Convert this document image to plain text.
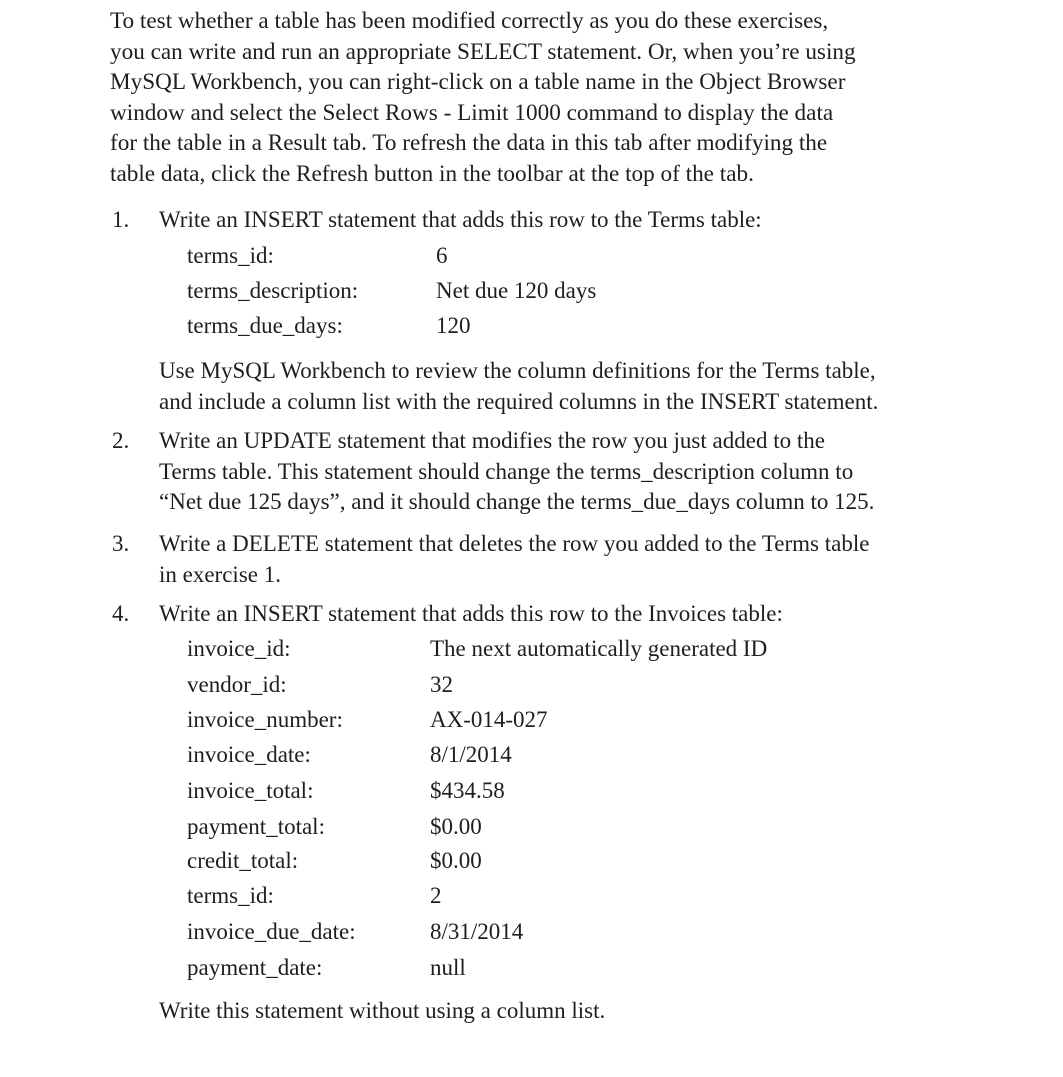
To test whether a table has been modified correctly as you do these exercises,
you can write and run an appropriate SELECT statement. Or, when you’re using
MySQL Workbench, you can right-click on a table name in the Object Browser
window and select the Select Rows - Limit 1000 command to display the data
for the table in a Result tab. To refresh the data in this tab after modifying the
table data, click the Refresh button in the toolbar at the top of the tab.

1.	Write an INSERT statement that adds this row to the Terms table:

terms_id:	6
terms_description:	Net due 120 days
terms_due_days:	120

Use MySQL Workbench to review the column definitions for the Terms table,
and include a column list with the required columns in the INSERT statement.

2.	Write an UPDATE statement that modifies the row you just added to the
Terms table. This statement should change the terms_description column to
“Net due 125 days”, and it should change the terms_due_days column to 125.

3.	Write a DELETE statement that deletes the row you added to the Terms table
in exercise 1.

4.	Write an INSERT statement that adds this row to the Invoices table:

invoice_id:	The next automatically generated ID
vendor_id:	32
invoice_number:	AX-014-027
invoice_date:	8/1/2014
invoice_total:	$434.58
payment_total:	$0.00
credit_total:	$0.00
terms_id:	2
invoice_due_date:	8/31/2014
payment_date:	null

Write this statement without using a column list.
